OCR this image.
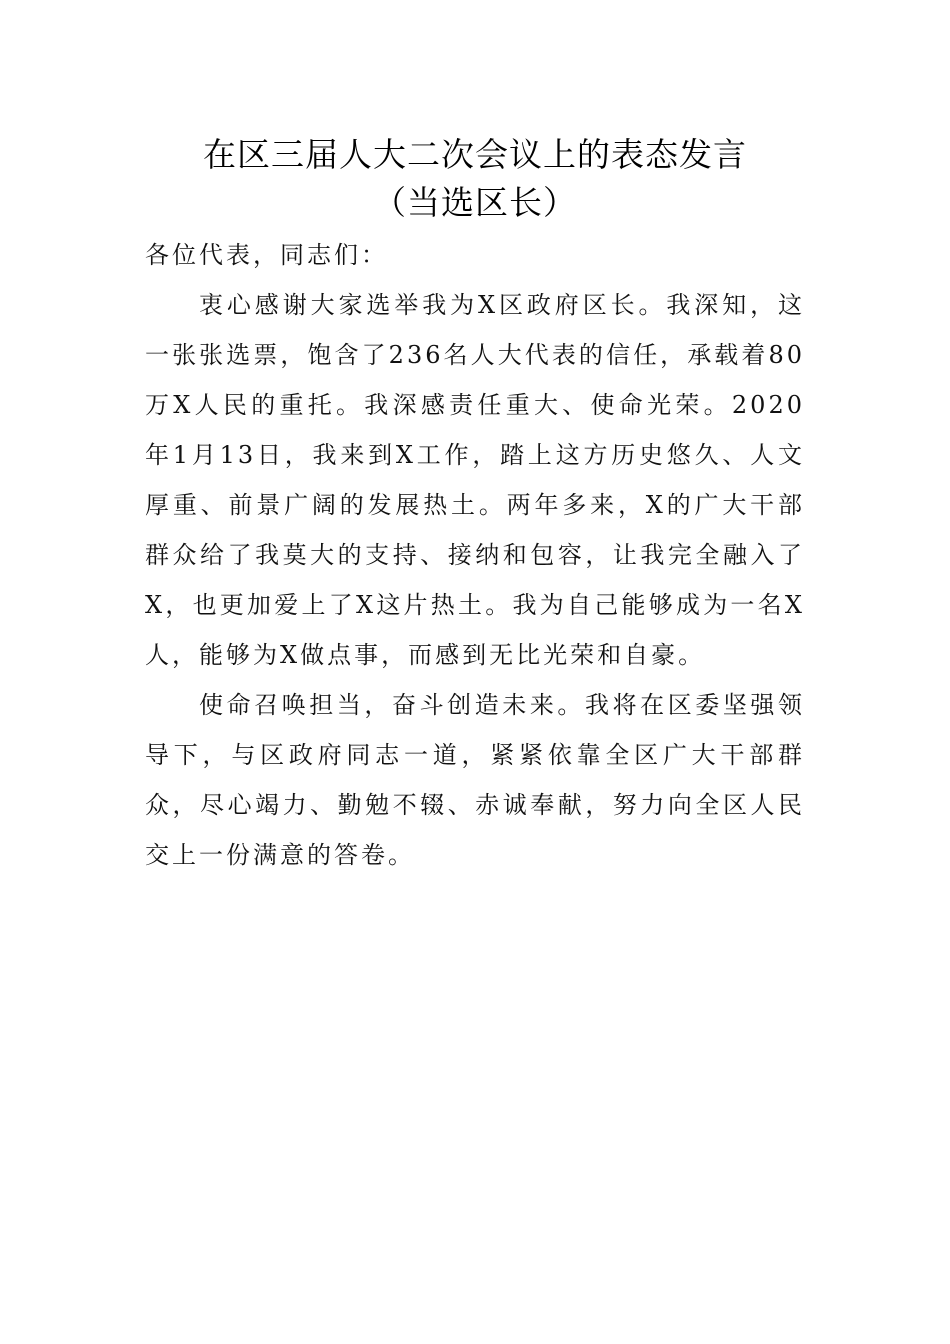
在区三届人大二次会议上的表态发言
（当选区长）

各位代表，同志们：

衷心感谢大家选举我为X区政府区长。我深知，这一张张选票，饱含了236名人大代表的信任，承载着80万X人民的重托。我深感责任重大、使命光荣。2020年1月13日，我来到X工作，踏上这方历史悠久、人文厚重、前景广阔的发展热土。两年多来，X的广大干部群众给了我莫大的支持、接纳和包容，让我完全融入了X，也更加爱上了X这片热土。我为自己能够成为一名X人，能够为X做点事，而感到无比光荣和自豪。

使命召唤担当，奋斗创造未来。我将在区委坚强领导下，与区政府同志一道，紧紧依靠全区广大干部群众，尽心竭力、勤勉不辍、赤诚奉献，努力向全区人民交上一份满意的答卷。
